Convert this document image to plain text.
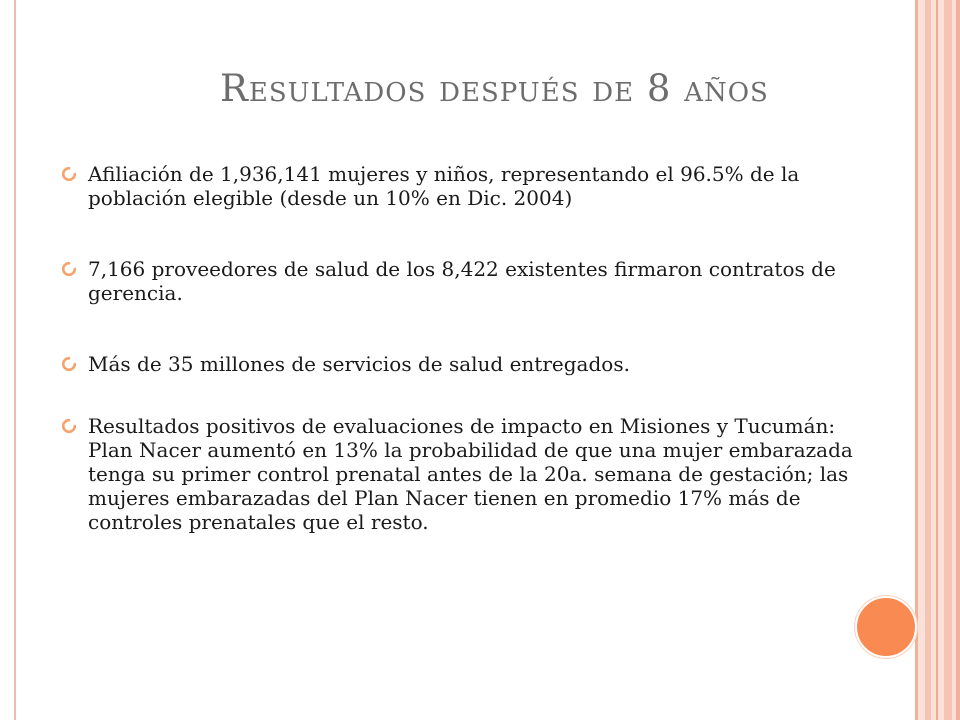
Resultados después de 8 años
Afiliación de 1,936,141 mujeres y niños, representando el 96.5% de la población elegible (desde un 10% en Dic. 2004)
7,166 proveedores de salud de los 8,422 existentes firmaron contratos de gerencia.
Más de 35 millones de servicios de salud entregados.
Resultados positivos de evaluaciones de impacto en Misiones y Tucumán: Plan Nacer aumentó en 13% la probabilidad de que una mujer embarazada tenga su primer control prenatal antes de la 20a. semana de gestación; las mujeres embarazadas del Plan Nacer tienen en promedio 17% más de controles prenatales que el resto.
